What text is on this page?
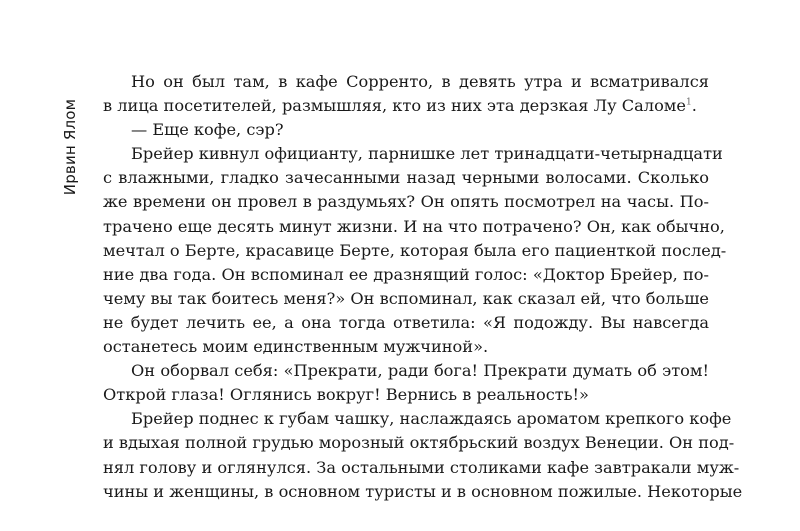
Ирвин Ялом
Но он был там, в кафе Сорренто, в девять утра и всматривался
в лица посетителей, размышляя, кто из них эта дерзкая Лу Саломе$^1$.
— Еще кофе, сэр?
Брейер кивнул официанту, парнишке лет тринадцати-четырнадцати
с влажными, гладко зачесанными назад черными волосами. Сколько
же времени он провел в раздумьях? Он опять посмотрел на часы. По-
трачено еще десять минут жизни. И на что потрачено? Он, как обычно,
мечтал о Берте, красавице Берте, которая была его пациенткой послед-
ние два года. Он вспоминал ее дразнящий голос: «Доктор Брейер, по-
чему вы так боитесь меня?» Он вспоминал, как сказал ей, что больше
не будет лечить ее, а она тогда ответила: «Я подожду. Вы навсегда
останетесь моим единственным мужчиной».
Он оборвал себя: «Прекрати, ради бога! Прекрати думать об этом!
Открой глаза! Оглянись вокруг! Вернись в реальность!»
Брейер поднес к губам чашку, наслаждаясь ароматом крепкого кофе
и вдыхая полной грудью морозный октябрьский воздух Венеции. Он под-
нял голову и оглянулся. За остальными столиками кафе завтракали муж-
чины и женщины, в основном туристы и в основном пожилые. Некоторые
